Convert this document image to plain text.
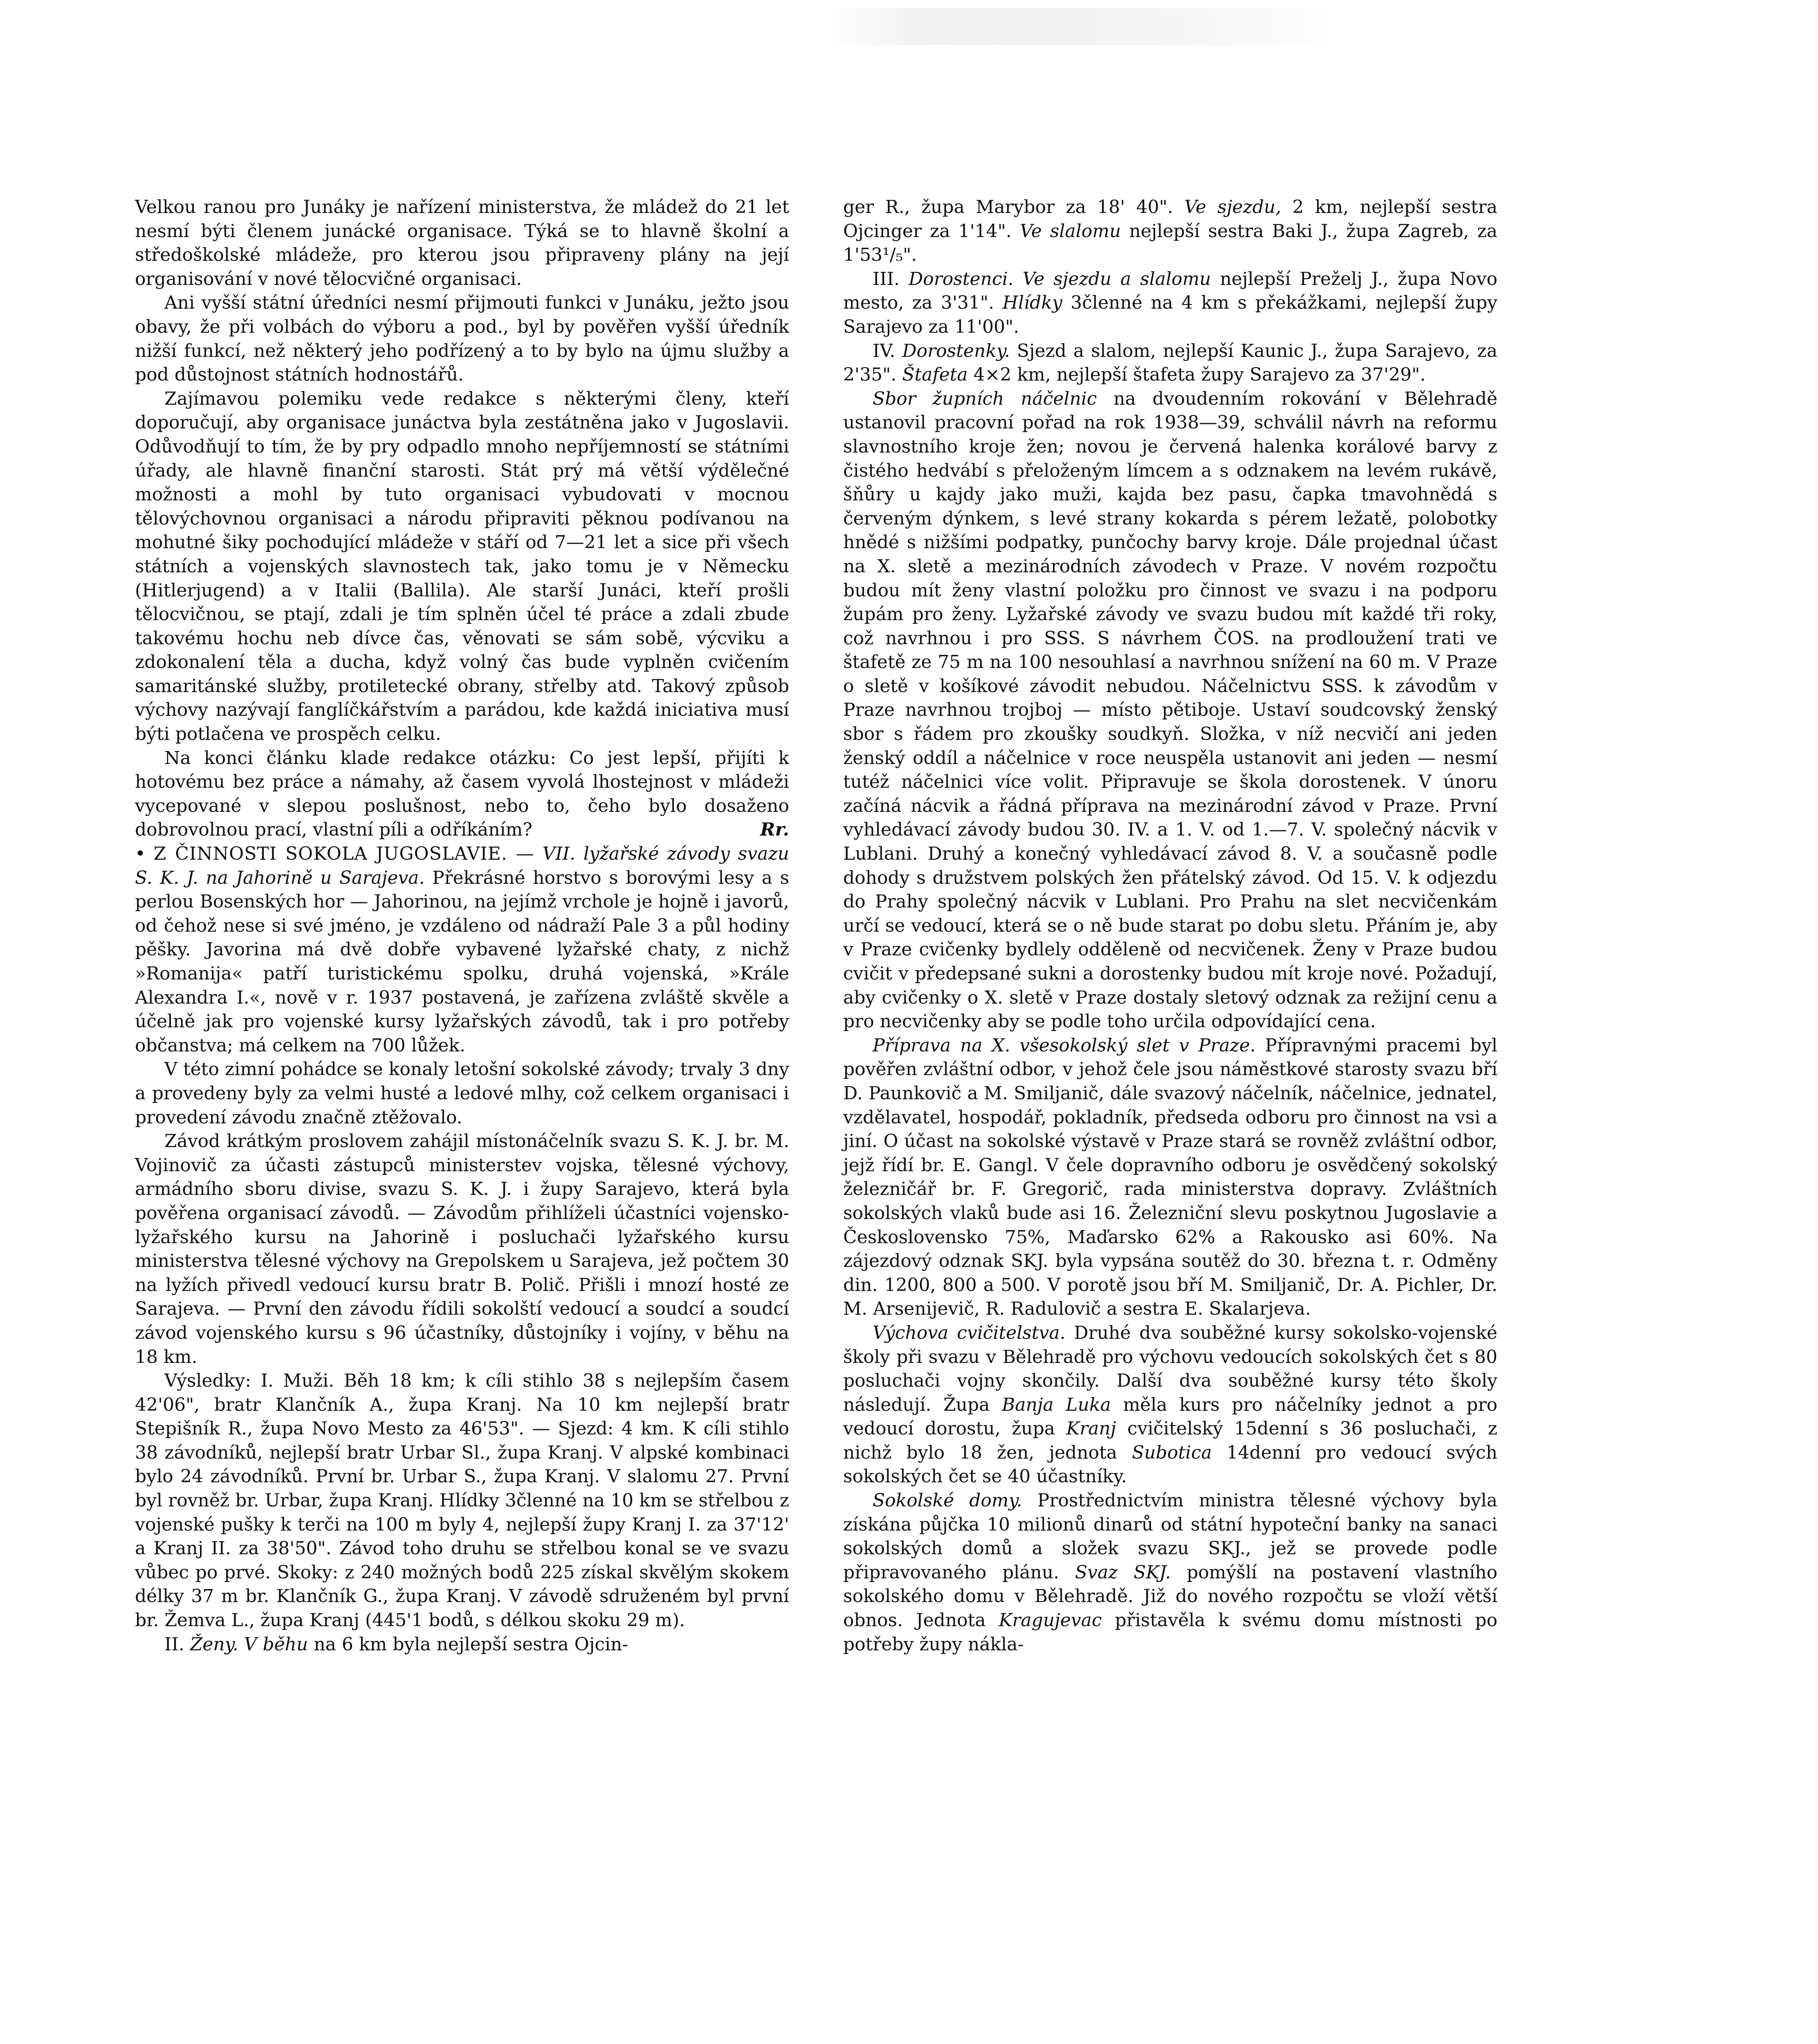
Velkou ranou pro Junáky je nařízení ministerstva, že mládež do 21 let nesmí býti členem junácké organisace. Týká se to hlavně školní a středoškolské mládeže, pro kterou jsou připraveny plány na její organisování v nové tělocvičné organisaci.

Ani vyšší státní úředníci nesmí přijmouti funkci v Junáku, ježto jsou obavy, že při volbách do výboru a pod., byl by pověřen vyšší úředník nižší funkcí, než některý jeho podřízený a to by bylo na újmu služby a pod důstojnost státních hodnostářů.

Zajímavou polemiku vede redakce s některými členy, kteří doporučují, aby organisace junáctva byla zestátněna jako v Jugoslavii. Odůvodňují to tím, že by pry odpadlo mnoho nepříjemností se státními úřady, ale hlavně finanční starosti. Stát prý má větší výdělečné možnosti a mohl by tuto organisaci vybudovati v mocnou tělovýchovnou organisaci a národu připraviti pěknou podívanou na mohutné šiky pochodující mládeže v stáří od 7—21 let a sice při všech státních a vojenských slavnostech tak, jako tomu je v Německu (Hitlerjugend) a v Italii (Ballila). Ale starší Junáci, kteří prošli tělocvičnou, se ptají, zdali je tím splněn účel té práce a zdali zbude takovému hochu neb dívce čas, věnovati se sám sobě, výcviku a zdokonalení těla a ducha, když volný čas bude vyplněn cvičením samaritánské služby, protiletecké obrany, střelby atd. Takový způsob výchovy nazývají fanglíčkářstvím a parádou, kde každá iniciativa musí býti potlačena ve prospěch celku.

Na konci článku klade redakce otázku: Co jest lepší, přijíti k hotovému bez práce a námahy, až časem vyvolá lhostejnost v mládeži vycepované v slepou poslušnost, nebo to, čeho bylo dosaženo dobrovolnou prací, vlastní píli a odříkáním?	Rr.

• Z ČINNOSTI SOKOLA JUGOSLAVIE. — VII. lyžařské závody svazu S. K. J. na Jahorině u Sarajeva. Překrásné horstvo s borovými lesy a s perlou Bosenských hor — Jahorinou, na jejímž vrchole je hojně i javorů, od čehož nese si své jméno, je vzdáleno od nádraží Pale 3 a půl hodiny pěšky. Javorina má dvě dobře vybavené lyžařské chaty, z nichž »Romanija« patří turistickému spolku, druhá vojenská, »Krále Alexandra I.«, nově v r. 1937 postavená, je zařízena zvláště skvěle a účelně jak pro vojenské kursy lyžařských závodů, tak i pro potřeby občanstva; má celkem na 700 lůžek.

V této zimní pohádce se konaly letošní sokolské závody; trvaly 3 dny a provedeny byly za velmi husté a ledové mlhy, což celkem organisaci i provedení závodu značně ztěžovalo.

Závod krátkým proslovem zahájil místonáčelník svazu S. K. J. br. M. Vojinovič za účasti zástupců ministerstev vojska, tělesné výchovy, armádního sboru divise, svazu S. K. J. i župy Sarajevo, která byla pověřena organisací závodů. — Závodům přihlíželi účastníci vojensko-lyžařského kursu na Jahorině i posluchači lyžařského kursu ministerstva tělesné výchovy na Grepolskem u Sarajeva, jež počtem 30 na lyžích přivedl vedoucí kursu bratr B. Polič. Přišli i mnozí hosté ze Sarajeva. — První den závodu řídili sokolští vedoucí a soudcí a soudcí závod vojenského kursu s 96 účastníky, důstojníky i vojíny, v běhu na 18 km.

Výsledky: I. Muži. Běh 18 km; k cíli stihlo 38 s nejlepším časem 42'06", bratr Klančník A., župa Kranj. Na 10 km nejlepší bratr Stepišník R., župa Novo Mesto za 46'53". — Sjezd: 4 km. K cíli stihlo 38 závodníků, nejlepší bratr Urbar Sl., župa Kranj. V alpské kombinaci bylo 24 závodníků. První br. Urbar S., župa Kranj. V slalomu 27. První byl rovněž br. Urbar, župa Kranj. Hlídky 3členné na 10 km se střelbou z vojenské pušky k terči na 100 m byly 4, nejlepší župy Kranj I. za 37'12' a Kranj II. za 38'50". Závod toho druhu se střelbou konal se ve svazu vůbec po prvé. Skoky: z 240 možných bodů 225 získal skvělým skokem délky 37 m br. Klančník G., župa Kranj. V závodě sdruženém byl první br. Žemva L., župa Kranj (445'1 bodů, s délkou skoku 29 m).

II. Ženy. V běhu na 6 km byla nejlepší sestra Ojcin-

ger R., župa Marybor za 18' 40". Ve sjezdu, 2 km, nejlepší sestra Ojcinger za 1'14". Ve slalomu nejlepší sestra Baki J., župa Zagreb, za 1'53¹/₅".

III. Dorostenci. Ve sjezdu a slalomu nejlepší Preželj J., župa Novo mesto, za 3'31". Hlídky 3členné na 4 km s překážkami, nejlepší župy Sarajevo za 11'00".

IV. Dorostenky. Sjezd a slalom, nejlepší Kaunic J., župa Sarajevo, za 2'35". Štafeta 4×2 km, nejlepší štafeta župy Sarajevo za 37'29".

Sbor župních náčelnic na dvoudenním rokování v Bělehradě ustanovil pracovní pořad na rok 1938—39, schválil návrh na reformu slavnostního kroje žen; novou je červená halenka korálové barvy z čistého hedvábí s přeloženým límcem a s odznakem na levém rukávě, šňůry u kajdy jako muži, kajda bez pasu, čapka tmavohnědá s červeným dýnkem, s levé strany kokarda s pérem ležatě, polobotky hnědé s nižšími podpatky, punčochy barvy kroje. Dále projednal účast na X. sletě a mezinárodních závodech v Praze. V novém rozpočtu budou mít ženy vlastní položku pro činnost ve svazu i na podporu župám pro ženy. Lyžařské závody ve svazu budou mít každé tři roky, což navrhnou i pro SSS. S návrhem ČOS. na prodloužení trati ve štafetě ze 75 m na 100 nesouhlasí a navrhnou snížení na 60 m. V Praze o sletě v košíkové závodit nebudou. Náčelnictvu SSS. k závodům v Praze navrhnou trojboj — místo pětiboje. Ustaví soudcovský ženský sbor s řádem pro zkoušky soudkyň. Složka, v níž necvičí ani jeden ženský oddíl a náčelnice v roce neuspěla ustanovit ani jeden — nesmí tutéž náčelnici více volit. Připravuje se škola dorostenek. V únoru začíná nácvik a řádná příprava na mezinárodní závod v Praze. První vyhledávací závody budou 30. IV. a 1. V. od 1.—7. V. společný nácvik v Lublani. Druhý a konečný vyhledávací závod 8. V. a současně podle dohody s družstvem polských žen přátelský závod. Od 15. V. k odjezdu do Prahy společný nácvik v Lublani. Pro Prahu na slet necvičenkám určí se vedoucí, která se o ně bude starat po dobu sletu. Přáním je, aby v Praze cvičenky bydlely odděleně od necvičenek. Ženy v Praze budou cvičit v předepsané sukni a dorostenky budou mít kroje nové. Požadují, aby cvičenky o X. sletě v Praze dostaly sletový odznak za režijní cenu a pro necvičenky aby se podle toho určila odpovídající cena.

Příprava na X. všesokolský slet v Praze. Přípravnými pracemi byl pověřen zvláštní odbor, v jehož čele jsou náměstkové starosty svazu bří D. Paunkovič a M. Smiljanič, dále svazový náčelník, náčelnice, jednatel, vzdělavatel, hospodář, pokladník, předseda odboru pro činnost na vsi a jiní. O účast na sokolské výstavě v Praze stará se rovněž zvláštní odbor, jejž řídí br. E. Gangl. V čele dopravního odboru je osvědčený sokolský železničář br. F. Gregorič, rada ministerstva dopravy. Zvláštních sokolských vlaků bude asi 16. Železniční slevu poskytnou Jugoslavie a Československo 75%, Maďarsko 62% a Rakousko asi 60%. Na zájezdový odznak SKJ. byla vypsána soutěž do 30. března t. r. Odměny din. 1200, 800 a 500. V porotě jsou bří M. Smiljanič, Dr. A. Pichler, Dr. M. Arsenijevič, R. Radulovič a sestra E. Skalarjeva.

Výchova cvičitelstva. Druhé dva souběžné kursy sokolsko-vojenské školy při svazu v Bělehradě pro výchovu vedoucích sokolských čet s 80 posluchači vojny skončily. Další dva souběžné kursy této školy následují. Župa Banja Luka měla kurs pro náčelníky jednot a pro vedoucí dorostu, župa Kranj cvičitelský 15denní s 36 posluchači, z nichž bylo 18 žen, jednota Subotica 14denní pro vedoucí svých sokolských čet se 40 účastníky.

Sokolské domy. Prostřednictvím ministra tělesné výchovy byla získána půjčka 10 milionů dinarů od státní hypoteční banky na sanaci sokolských domů a složek svazu SKJ., jež se provede podle připravovaného plánu. Svaz SKJ. pomýšlí na postavení vlastního sokolského domu v Bělehradě. Již do nového rozpočtu se vloží větší obnos. Jednota Kragujevac přistavěla k svému domu místnosti po potřeby župy nákla-
